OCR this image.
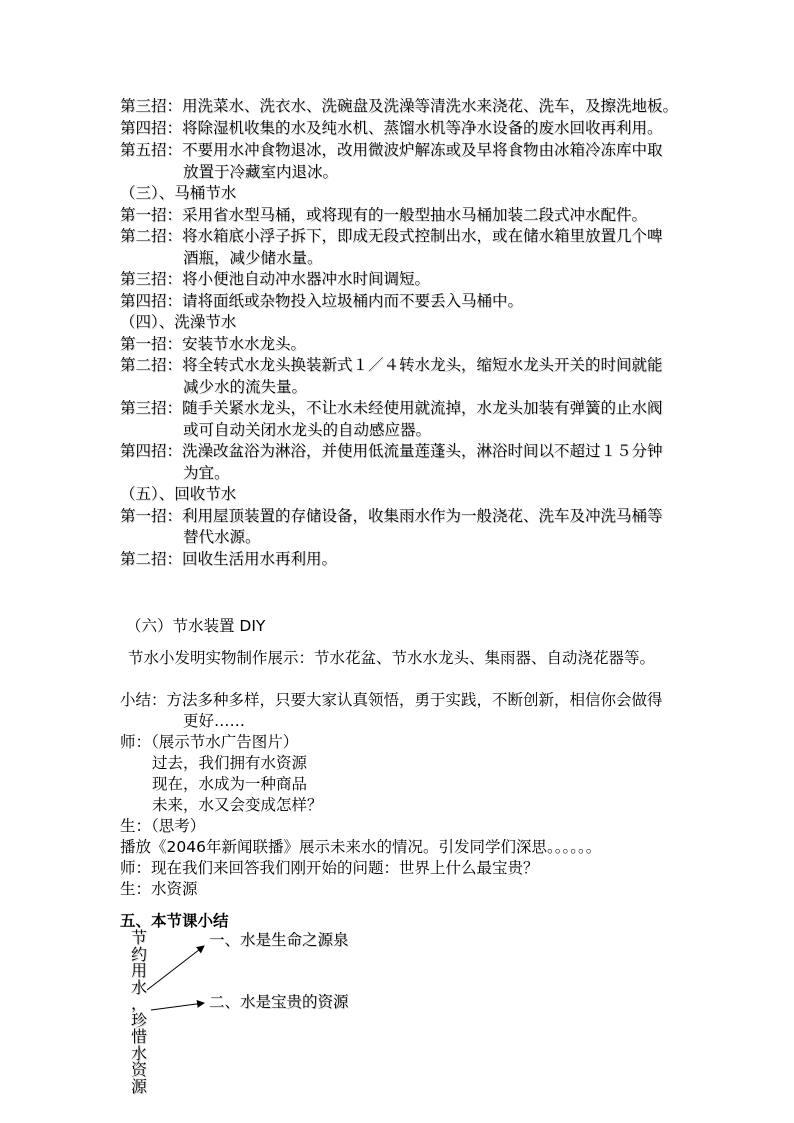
第三招：用洗菜水、洗衣水、洗碗盘及洗澡等清洗水来浇花、洗车，及擦洗地板。
第四招：将除湿机收集的水及纯水机、蒸馏水机等净水设备的废水回收再利用。
第五招：不要用水冲食物退冰，改用微波炉解冻或及早将食物由冰箱冷冻库中取
放置于冷藏室内退冰。
（三）、马桶节水
第一招：采用省水型马桶，或将现有的一般型抽水马桶加装二段式冲水配件。
第二招：将水箱底小浮子拆下，即成无段式控制出水，或在储水箱里放置几个啤
酒瓶，减少储水量。
第三招：将小便池自动冲水器冲水时间调短。
第四招：请将面纸或杂物投入垃圾桶内而不要丢入马桶中。
（四）、洗澡节水
第一招：安装节水水龙头。
第二招：将全转式水龙头换装新式１／４转水龙头，缩短水龙头开关的时间就能
减少水的流失量。
第三招：随手关紧水龙头，不让水未经使用就流掉，水龙头加装有弹簧的止水阀
或可自动关闭水龙头的自动感应器。
第四招：洗澡改盆浴为淋浴，并使用低流量莲蓬头，淋浴时间以不超过１５分钟
为宜。
（五）、回收节水
第一招：利用屋顶装置的存储设备，收集雨水作为一般浇花、洗车及冲洗马桶等
替代水源。
第二招：回收生活用水再利用。
（六）节水装置 DIY
节水小发明实物制作展示：节水花盆、节水水龙头、集雨器、自动浇花器等。
小结：方法多种多样，只要大家认真领悟，勇于实践，不断创新，相信你会做得
更好……
师：（展示节水广告图片）
过去，我们拥有水资源
现在，水成为一种商品
未来，水又会变成怎样？
生：（思考）
播放《2046年新闻联播》展示未来水的情况。引发同学们深思。。。。。。
师：现在我们来回答我们刚开始的问题：世界上什么最宝贵？
生：水资源
五、本节课小结
节
约
用
水
，
珍
惜
水
资
源
一、水是生命之源泉
二、水是宝贵的资源
